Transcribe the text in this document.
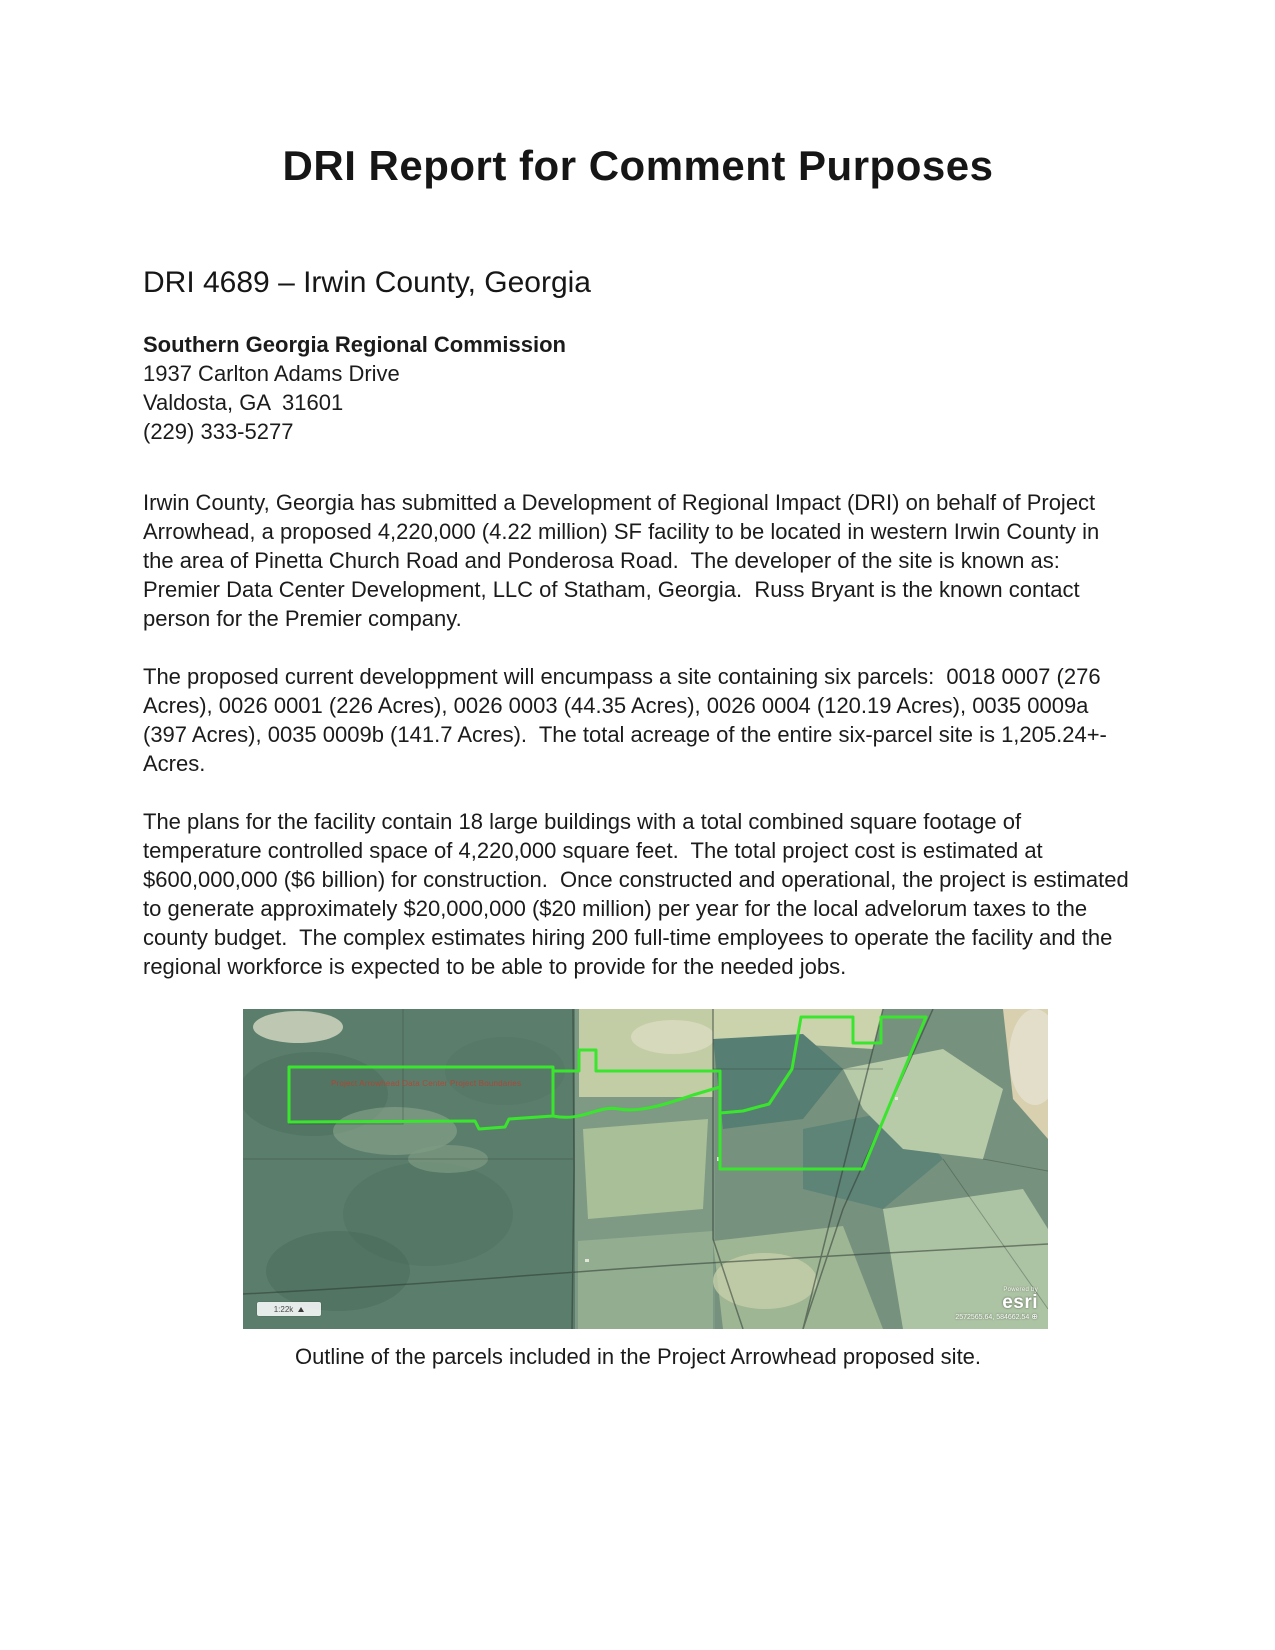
DRI Report for Comment Purposes
DRI 4689 – Irwin County, Georgia
Southern Georgia Regional Commission
1937 Carlton Adams Drive
Valdosta, GA  31601
(229) 333-5277

Irwin County, Georgia has submitted a Development of Regional Impact (DRI) on behalf of Project Arrowhead, a proposed 4,220,000 (4.22 million) SF facility to be located in western Irwin County in the area of Pinetta Church Road and Ponderosa Road.  The developer of the site is known as:  Premier Data Center Development, LLC of Statham, Georgia.  Russ Bryant is the known contact person for the Premier company.

The proposed current developpment will encumpass a site containing six parcels:  0018 0007 (276 Acres), 0026 0001 (226 Acres), 0026 0003 (44.35 Acres), 0026 0004 (120.19 Acres), 0035 0009a (397 Acres), 0035 0009b (141.7 Acres).  The total acreage of the entire six-parcel site is 1,205.24+- Acres.

The plans for the facility contain 18 large buildings with a total combined square footage of temperature controlled space of 4,220,000 square feet.  The total project cost is estimated at $600,000,000 ($6 billion) for construction.  Once constructed and operational, the project is estimated to generate approximately $20,000,000 ($20 million) per year for the local advelorum taxes to the county budget.  The complex estimates hiring 200 full-time employees to operate the facility and the regional workforce is expected to be able to provide for the needed jobs.

Project Arrowhead Data Center Project Boundaries
1:22k
Powered by
esri
2572565.64, 584662.54 ⊕
Outline of the parcels included in the Project Arrowhead proposed site.
